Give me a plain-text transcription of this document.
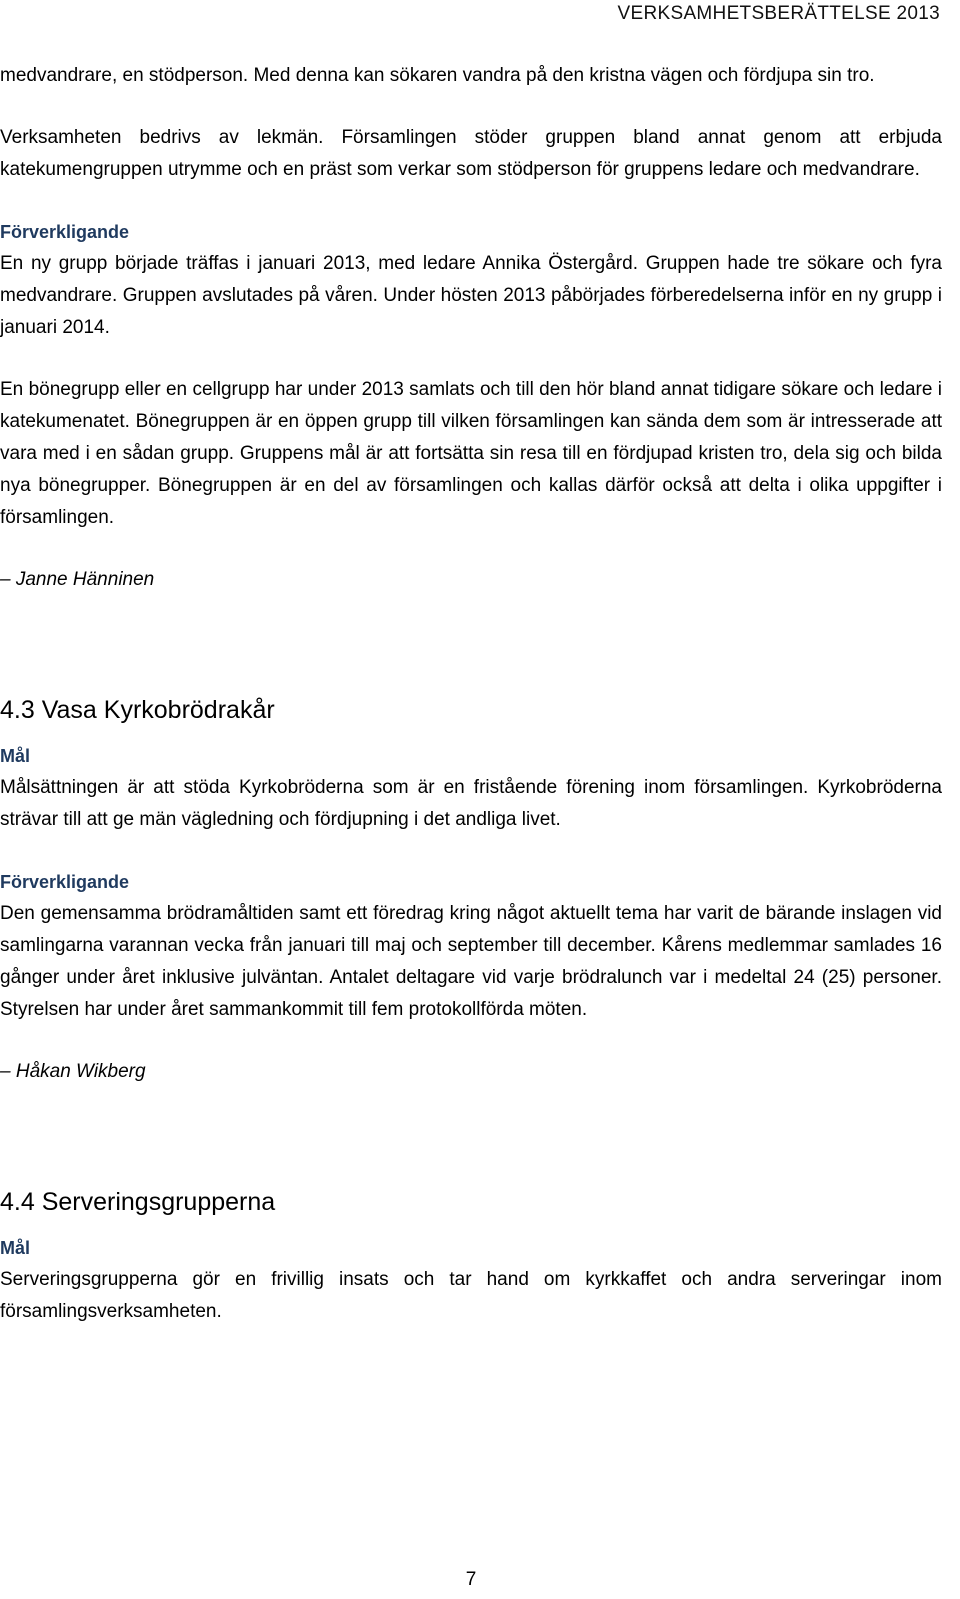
VERKSAMHETSBERÄTTELSE 2013

medvandrare, en stödperson. Med denna kan sökaren vandra på den kristna vägen och fördjupa sin tro.

Verksamheten bedrivs av lekmän. Församlingen stöder gruppen bland annat genom att erbjuda katekumengruppen utrymme och en präst som verkar som stödperson för gruppens ledare och medvandrare.

Förverkligande

En ny grupp började träffas i januari 2013, med ledare Annika Östergård. Gruppen hade tre sökare och fyra medvandrare. Gruppen avslutades på våren. Under hösten 2013 påbörjades förberedelserna inför en ny grupp i januari 2014.

En bönegrupp eller en cellgrupp har under 2013 samlats och till den hör bland annat tidigare sökare och ledare i katekumenatet. Bönegruppen är en öppen grupp till vilken församlingen kan sända dem som är intresserade att vara med i en sådan grupp. Gruppens mål är att fortsätta sin resa till en fördjupad kristen tro, dela sig och bilda nya bönegrupper. Bönegruppen är en del av församlingen och kallas därför också att delta i olika uppgifter i församlingen.

– Janne Hänninen
4.3 Vasa Kyrkobrödrakår
Mål

Målsättningen är att stöda Kyrkobröderna som är en fristående förening inom församlingen. Kyrkobröderna strävar till att ge män vägledning och fördjupning i det andliga livet.

Förverkligande

Den gemensamma brödramåltiden samt ett föredrag kring något aktuellt tema har varit de bärande inslagen vid samlingarna varannan vecka från januari till maj och september till december. Kårens medlemmar samlades 16 gånger under året inklusive julväntan. Antalet deltagare vid varje brödralunch var i medeltal 24 (25) personer. Styrelsen har under året sammankommit till fem protokollförda möten.

– Håkan Wikberg
4.4 Serveringsgrupperna
Mål

Serveringsgrupperna gör en frivillig insats och tar hand om kyrkkaffet och andra serveringar inom församlingsverksamheten.

7
